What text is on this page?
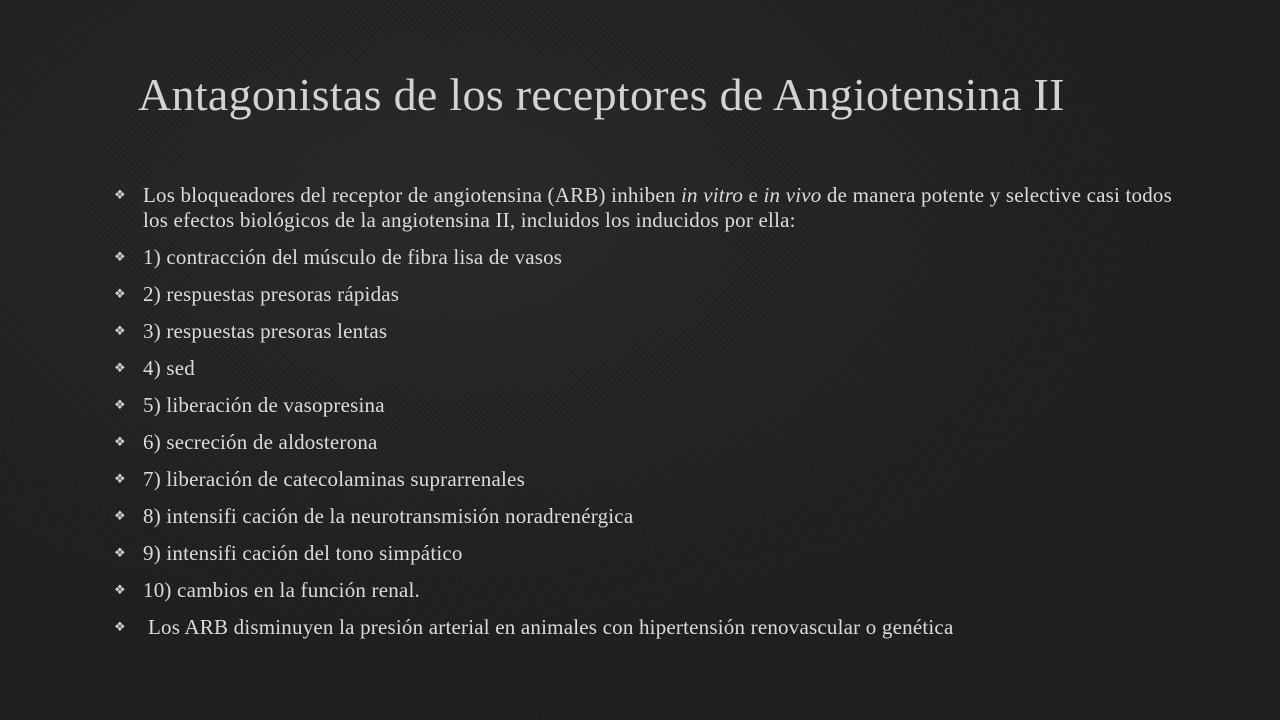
Antagonistas de los receptores de Angiotensina II
❖ Los bloqueadores del receptor de angiotensina (ARB) inhiben in vitro e in vivo de manera potente y selective casi todos los efectos biológicos de la angiotensina II, incluidos los inducidos por ella:
❖ 1) contracción del músculo de fibra lisa de vasos
❖ 2) respuestas presoras rápidas
❖ 3) respuestas presoras lentas
❖ 4) sed
❖ 5) liberación de vasopresina
❖ 6) secreción de aldosterona
❖ 7) liberación de catecolaminas suprarrenales
❖ 8) intensifi cación de la neurotransmisión noradrenérgica
❖ 9) intensifi cación del tono simpático
❖ 10) cambios en la función renal.
❖ Los ARB disminuyen la presión arterial en animales con hipertensión renovascular o genética
